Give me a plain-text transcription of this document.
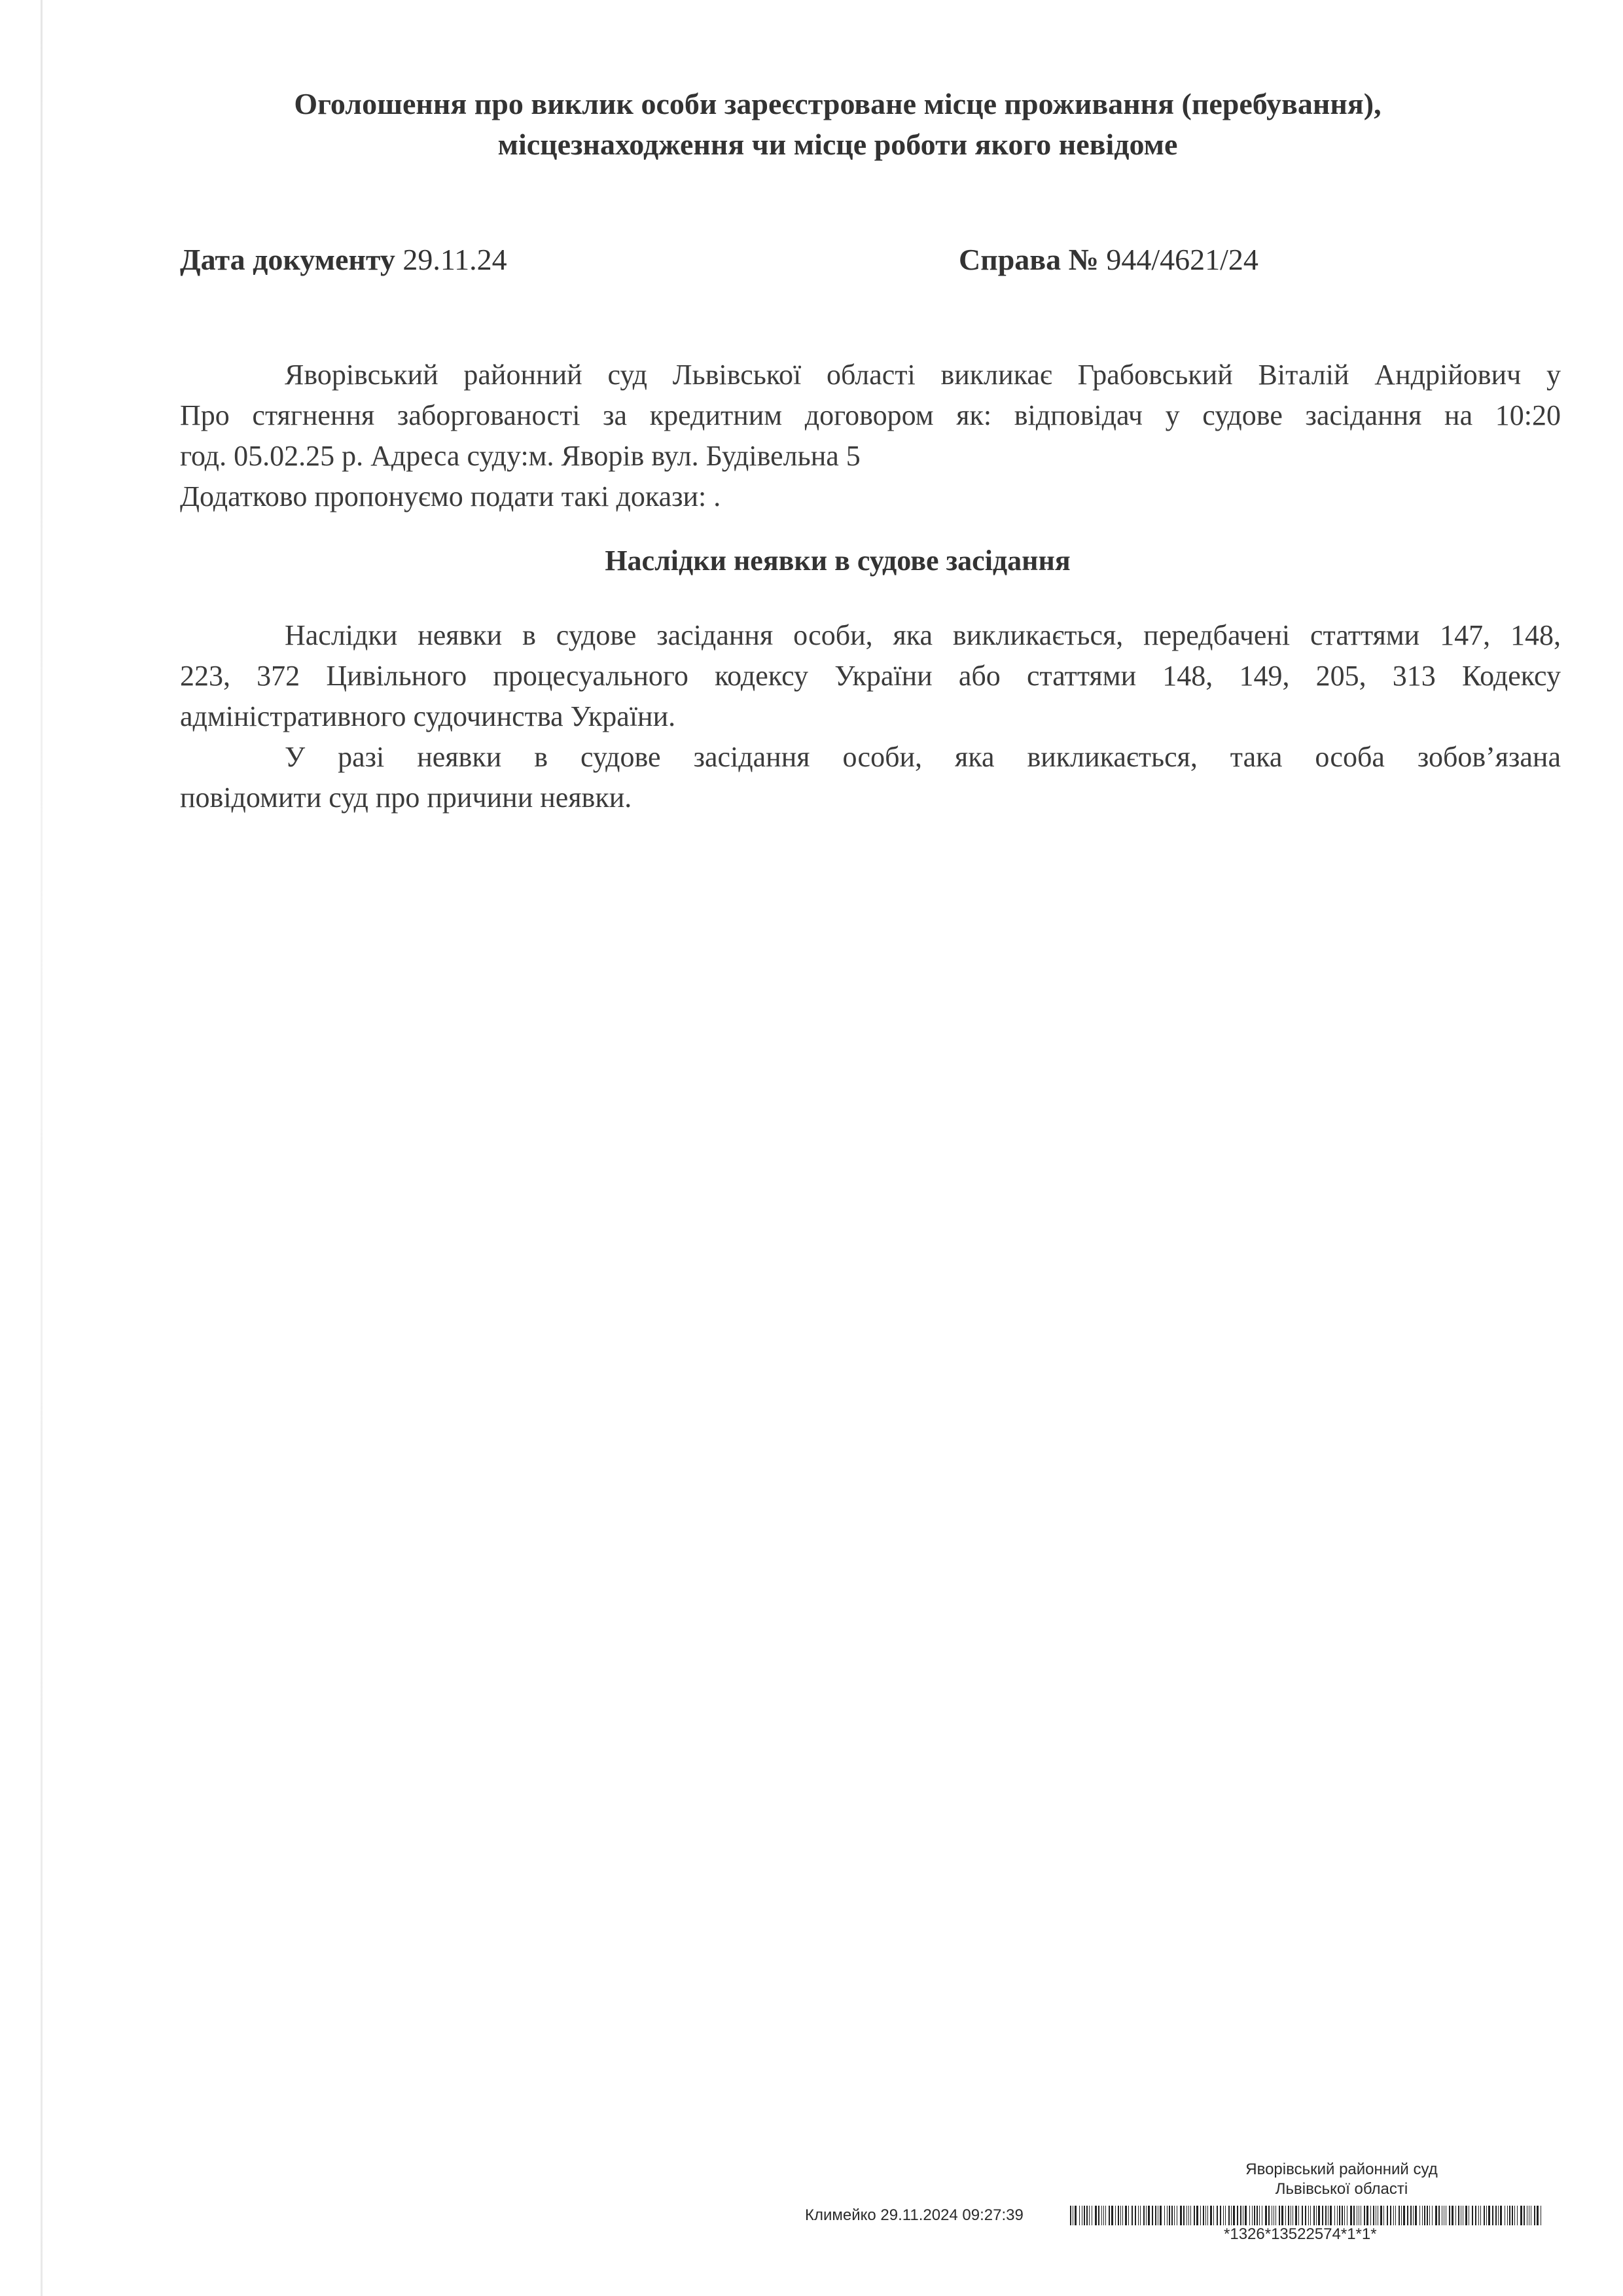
Оголошення про виклик особи зареєстроване місце проживання (перебування),
місцезнаходження чи місце роботи якого невідоме
Дата документу 29.11.24	Справа № 944/4621/24
Яворівський районний суд Львівської області викликає Грабовський Віталій Андрійович у
Про стягнення заборгованості за кредитним договором як: відповідач у судове засідання на 10:20
год. 05.02.25 р. Адреса суду:м. Яворів вул. Будівельна 5
Додатково пропонуємо подати такі докази: .
Наслідки неявки в судове засідання

Наслідки неявки в судове засідання особи, яка викликається, передбачені статтями 147, 148,

223, 372 Цивільного процесуального кодексу України або статтями 148, 149, 205, 313 Кодексу

адміністративного судочинства України.

У разі неявки в судове засідання особи, яка викликається, така особа зобов’язана

повідомити суд про причини неявки.

Яворівський районний суд
Львівської області
Климейко 29.11.2024 09:27:39
*1326*13522574*1*1*
